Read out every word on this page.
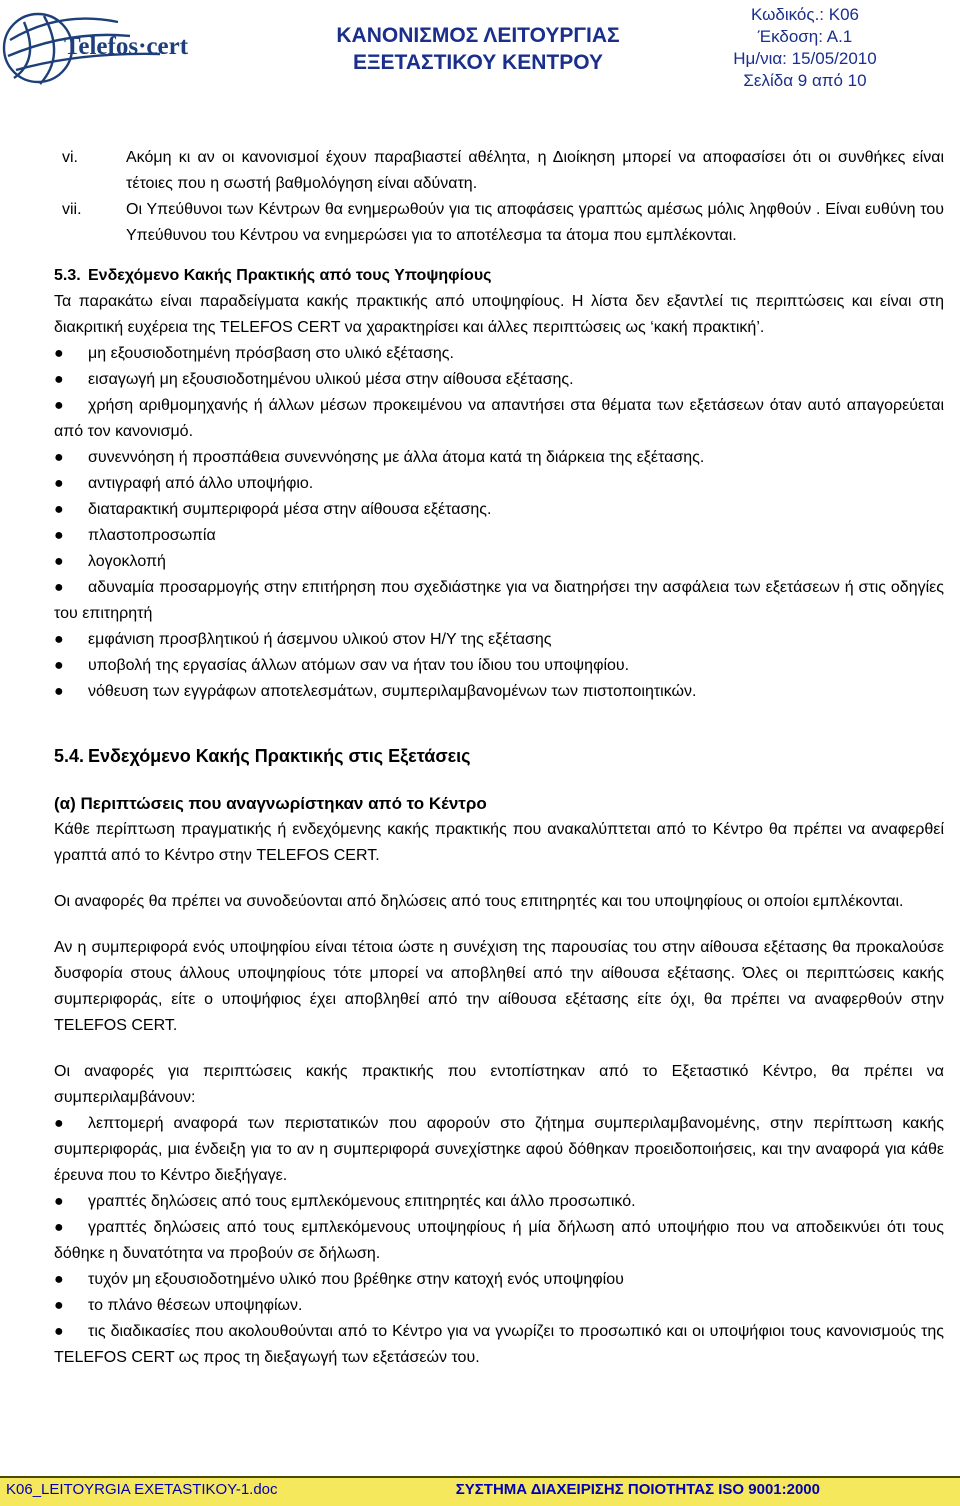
Telefos·cert	ΚΑΝΟΝΙΣΜΟΣ ΛΕΙΤΟΥΡΓΙΑΣ
ΕΞΕΤΑΣΤΙΚΟΥ ΚΕΝΤΡΟΥ
Κωδικός.: Κ06
Έκδοση: Α.1
Ημ/νια: 15/05/2010
Σελίδα 9 από 10
vi.	Ακόμη κι αν οι κανονισμοί έχουν παραβιαστεί αθέλητα, η Διοίκηση μπορεί να αποφασίσει ότι οι συνθήκες είναι τέτοιες που η σωστή βαθμολόγηση είναι αδύνατη.
vii.	Οι Υπεύθυνοι των Κέντρων θα ενημερωθούν για τις αποφάσεις γραπτώς αμέσως μόλις ληφθούν . Είναι ευθύνη του Υπεύθυνου του Κέντρου να ενημερώσει για το αποτέλεσμα τα άτομα που εμπλέκονται.
5.3. Ενδεχόμενο Κακής Πρακτικής από τους Υποψηφίους

Τα παρακάτω είναι παραδείγματα κακής πρακτικής από υποψηφίους. Η λίστα δεν εξαντλεί τις περιπτώσεις και είναι στη διακριτική ευχέρεια της TELEFOS CERT να χαρακτηρίσει και άλλες περιπτώσεις ως ‘κακή πρακτική’.

● μη εξουσιοδοτημένη πρόσβαση στο υλικό εξέτασης.
● εισαγωγή μη εξουσιοδοτημένου υλικού μέσα στην αίθουσα εξέτασης.
● χρήση αριθμομηχανής ή άλλων μέσων προκειμένου να απαντήσει στα θέματα των εξετάσεων όταν αυτό απαγορεύεται από τον κανονισμό.
● συνεννόηση ή προσπάθεια συνεννόησης με άλλα άτομα κατά τη διάρκεια της εξέτασης.
● αντιγραφή από άλλο υποψήφιο.
● διαταρακτική συμπεριφορά μέσα στην αίθουσα εξέτασης.
● πλαστοπροσωπία
● λογοκλοπή
● αδυναμία προσαρμογής στην επιτήρηση που σχεδιάστηκε για να διατηρήσει την ασφάλεια των εξετάσεων ή στις οδηγίες του επιτηρητή
● εμφάνιση προσβλητικού ή άσεμνου υλικού στον Η/Υ της εξέτασης
● υποβολή της εργασίας άλλων ατόμων σαν να ήταν του ίδιου του υποψηφίου.
● νόθευση των εγγράφων αποτελεσμάτων, συμπεριλαμβανομένων των πιστοποιητικών.
5.4. Ενδεχόμενο Κακής Πρακτικής στις Εξετάσεις

(α) Περιπτώσεις που αναγνωρίστηκαν από το Κέντρο

Κάθε περίπτωση πραγματικής ή ενδεχόμενης κακής πρακτικής που ανακαλύπτεται από το Κέντρο θα πρέπει να αναφερθεί γραπτά από το Κέντρο στην TELEFOS CERT.

Οι αναφορές θα πρέπει να συνοδεύονται από δηλώσεις από τους επιτηρητές και του υποψηφίους οι οποίοι εμπλέκονται.

Αν η συμπεριφορά ενός υποψηφίου είναι τέτοια ώστε η συνέχιση της παρουσίας του στην αίθουσα εξέτασης θα προκαλούσε δυσφορία στους άλλους υποψηφίους τότε μπορεί να αποβληθεί από την αίθουσα εξέτασης. Όλες οι περιπτώσεις κακής συμπεριφοράς, είτε ο υποψήφιος έχει αποβληθεί από την αίθουσα εξέτασης είτε όχι, θα πρέπει να αναφερθούν στην TELEFOS CERT.

Οι αναφορές για περιπτώσεις κακής πρακτικής που εντοπίστηκαν από το Εξεταστικό Κέντρο, θα πρέπει να συμπεριλαμβάνουν:

● λεπτομερή αναφορά των περιστατικών που αφορούν στο ζήτημα συμπεριλαμβανομένης, στην περίπτωση κακής συμπεριφοράς, μια ένδειξη για το αν η συμπεριφορά συνεχίστηκε αφού δόθηκαν προειδοποιήσεις, και την αναφορά για κάθε έρευνα που το Κέντρο διεξήγαγε.
● γραπτές δηλώσεις από τους εμπλεκόμενους επιτηρητές και άλλο προσωπικό.
● γραπτές δηλώσεις από τους εμπλεκόμενους υποψηφίους ή μία δήλωση από υποψήφιο που να αποδεικνύει ότι τους δόθηκε η δυνατότητα να προβούν σε δήλωση.
● τυχόν μη εξουσιοδοτημένο υλικό που βρέθηκε στην κατοχή ενός υποψηφίου
● το πλάνο θέσεων υποψηφίων.
● τις διαδικασίες που ακολουθούνται από το Κέντρο για να γνωρίζει το προσωπικό και οι υποψήφιοι τους κανονισμούς της TELEFOS CERT ως προς τη διεξαγωγή των εξετάσεών του.
K06_LEITOYRGIA EXETASTIKOY-1.doc	ΣΥΣΤΗΜΑ ΔΙΑΧΕΙΡΙΣΗΣ ΠΟΙΟΤΗΤΑΣ ISO 9001:2000
